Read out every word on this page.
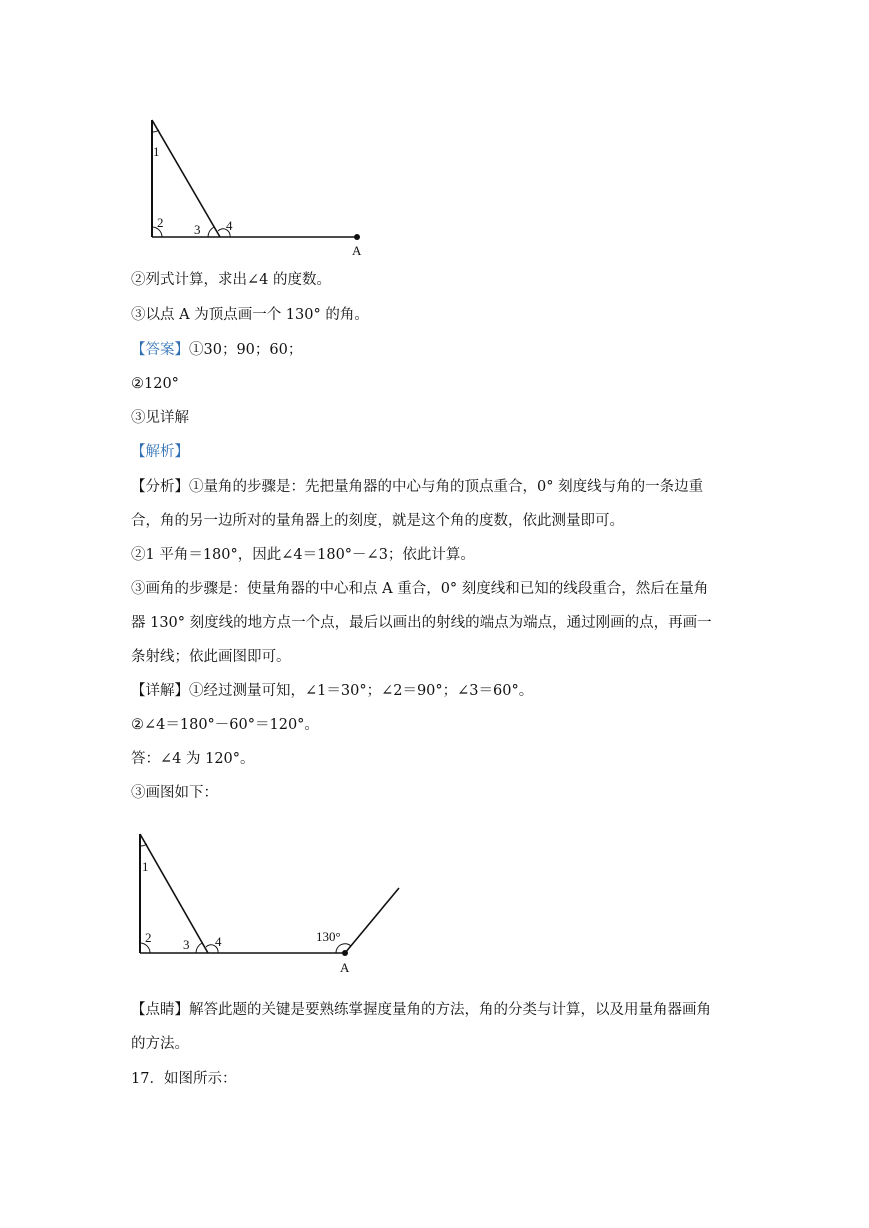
1
2 3 4
A
②列式计算，求出∠4 的度数。
③以点 A 为顶点画一个 130° 的角。
【答案】①30；90；60；
②120°
③见详解
【解析】
【分析】①量角的步骤是：先把量角器的中心与角的顶点重合，0° 刻度线与角的一条边重
合，角的另一边所对的量角器上的刻度，就是这个角的度数，依此测量即可。
②1 平角＝180°，因此∠4＝180°－∠3；依此计算。
③画角的步骤是：使量角器的中心和点 A 重合，0° 刻度线和已知的线段重合，然后在量角
器 130° 刻度线的地方点一个点，最后以画出的射线的端点为端点，通过刚画的点，再画一
条射线；依此画图即可。
【详解】①经过测量可知，∠1＝30°；∠2＝90°；∠3＝60°。
②∠4＝180°－60°＝120°。
答：∠4 为 120°。
③画图如下：
1
2 3 4	130°
A
【点睛】解答此题的关键是要熟练掌握度量角的方法，角的分类与计算，以及用量角器画角
的方法。
17．如图所示：
